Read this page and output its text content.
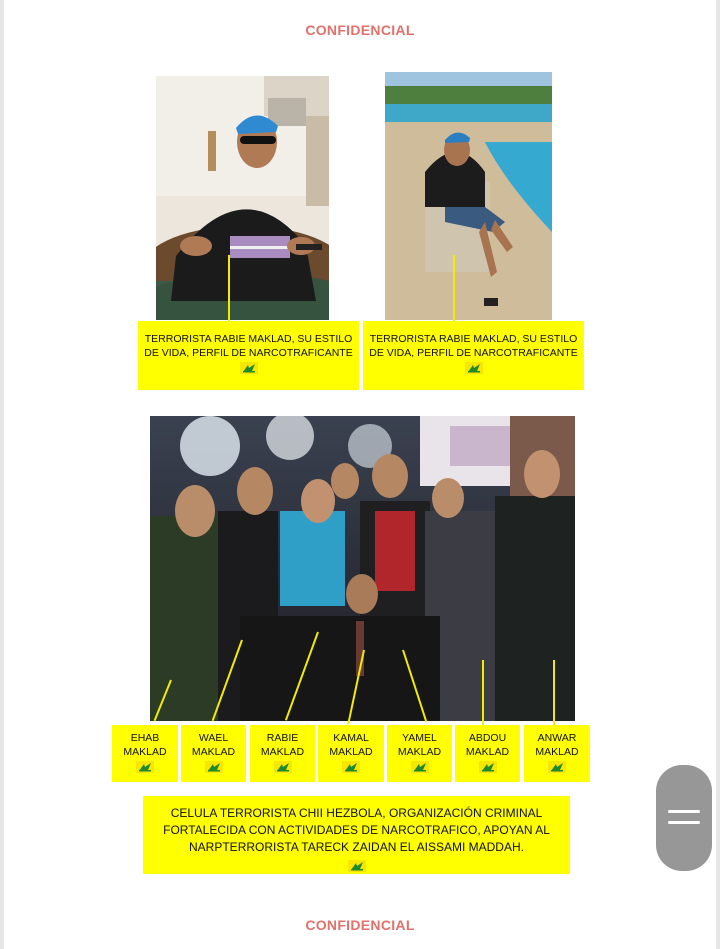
CONFIDENCIAL
TERRORISTA RABIE MAKLAD, SU ESTILO
DE VIDA, PERFIL DE NARCOTRAFICANTE
TERRORISTA RABIE MAKLAD, SU ESTILO
DE VIDA, PERFIL DE NARCOTRAFICANTE
EHAB
MAKLAD
WAEL
MAKLAD
RABIE
MAKLAD
KAMAL
MAKLAD
YAMEL
MAKLAD
ABDOU
MAKLAD
ANWAR
MAKLAD
CELULA TERRORISTA CHII HEZBOLA, ORGANIZACIÓN CRIMINAL
FORTALECIDA CON ACTIVIDADES DE NARCOTRAFICO, APOYAN AL
NARPTERRORISTA TARECK ZAIDAN EL AISSAMI MADDAH.
CONFIDENCIAL
